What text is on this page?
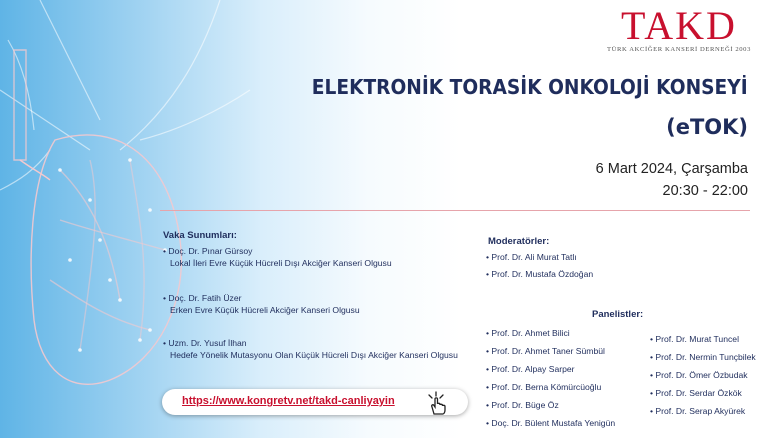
TAKD
TÜRK AKCİĞER KANSERİ DERNEĞİ 2003
ELEKTRONİK TORASİK ONKOLOJİ KONSEYİ
(eTOK)
6 Mart 2024, Çarşamba
20:30 - 22:00
Vaka Sunumları:
• Doç. Dr. Pınar Gürsoy
Lokal İleri Evre Küçük Hücreli Dışı Akciğer Kanseri Olgusu
• Doç. Dr. Fatih Üzer
Erken Evre Küçük Hücreli Akciğer Kanseri Olgusu
• Uzm. Dr. Yusuf İlhan
Hedefe Yönelik Mutasyonu Olan Küçük Hücreli Dışı Akciğer Kanseri Olgusu
Moderatörler:
• Prof. Dr. Ali Murat Tatlı
• Prof. Dr. Mustafa Özdoğan
Panelistler:
• Prof. Dr. Ahmet Bilici
• Prof. Dr. Ahmet Taner Sümbül
• Prof. Dr. Alpay Sarper
• Prof. Dr. Berna Kömürcüoğlu
• Prof. Dr. Büge Öz
• Doç. Dr. Bülent Mustafa Yenigün
• Prof. Dr. Murat Tuncel
• Prof. Dr. Nermin Tunçbilek
• Prof. Dr. Ömer Özbudak
• Prof. Dr. Serdar Özkök
• Prof. Dr. Serap Akyürek
https://www.kongretv.net/takd-canliyayin
